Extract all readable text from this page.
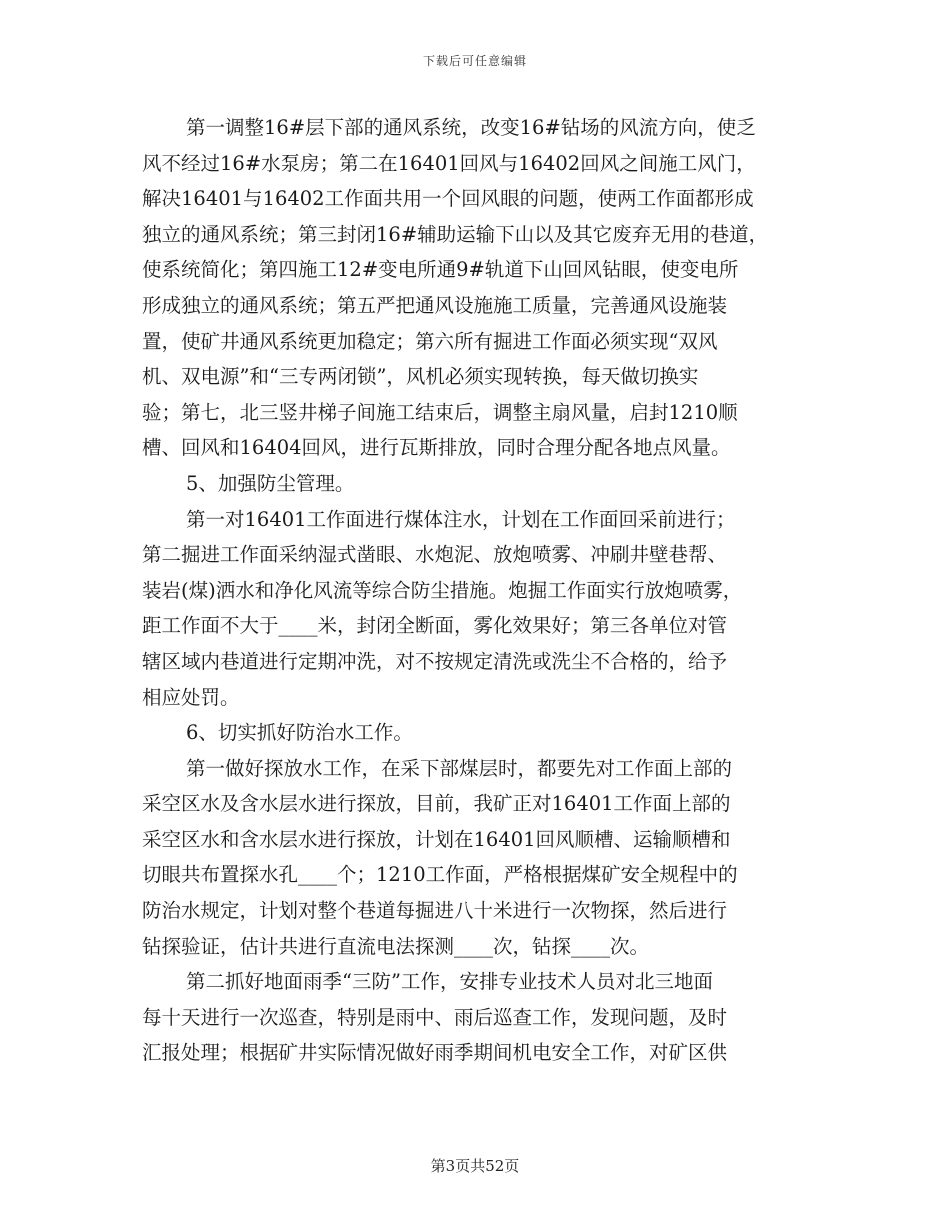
下载后可任意编辑
第一调整16#层下部的通风系统，改变16#钻场的风流方向，使乏
风不经过16#水泵房；第二在16401回风与16402回风之间施工风门，
解决16401与16402工作面共用一个回风眼的问题，使两工作面都形成
独立的通风系统；第三封闭16#辅助运输下山以及其它废弃无用的巷道，
使系统简化；第四施工12#变电所通9#轨道下山回风钻眼，使变电所
形成独立的通风系统；第五严把通风设施施工质量，完善通风设施装
置，使矿井通风系统更加稳定；第六所有掘进工作面必须实现“双风
机、双电源”和“三专两闭锁”，风机必须实现转换，每天做切换实
验；第七，北三竖井梯子间施工结束后，调整主扇风量，启封1210顺
槽、回风和16404回风，进行瓦斯排放，同时合理分配各地点风量。
5、加强防尘管理。
第一对16401工作面进行煤体注水，计划在工作面回采前进行；
第二掘进工作面采纳湿式凿眼、水炮泥、放炮喷雾、冲刷井壁巷帮、
装岩(煤)洒水和净化风流等综合防尘措施。炮掘工作面实行放炮喷雾，
距工作面不大于____米，封闭全断面，雾化效果好；第三各单位对管
辖区域内巷道进行定期冲洗，对不按规定清洗或洗尘不合格的，给予
相应处罚。
6、切实抓好防治水工作。
第一做好探放水工作，在采下部煤层时，都要先对工作面上部的
采空区水及含水层水进行探放，目前，我矿正对16401工作面上部的
采空区水和含水层水进行探放，计划在16401回风顺槽、运输顺槽和
切眼共布置探水孔____个；1210工作面，严格根据煤矿安全规程中的
防治水规定，计划对整个巷道每掘进八十米进行一次物探，然后进行
钻探验证，估计共进行直流电法探测____次，钻探____次。
第二抓好地面雨季“三防”工作，安排专业技术人员对北三地面
每十天进行一次巡查，特别是雨中、雨后巡查工作，发现问题，及时
汇报处理；根据矿井实际情况做好雨季期间机电安全工作，对矿区供
第3页共52页
